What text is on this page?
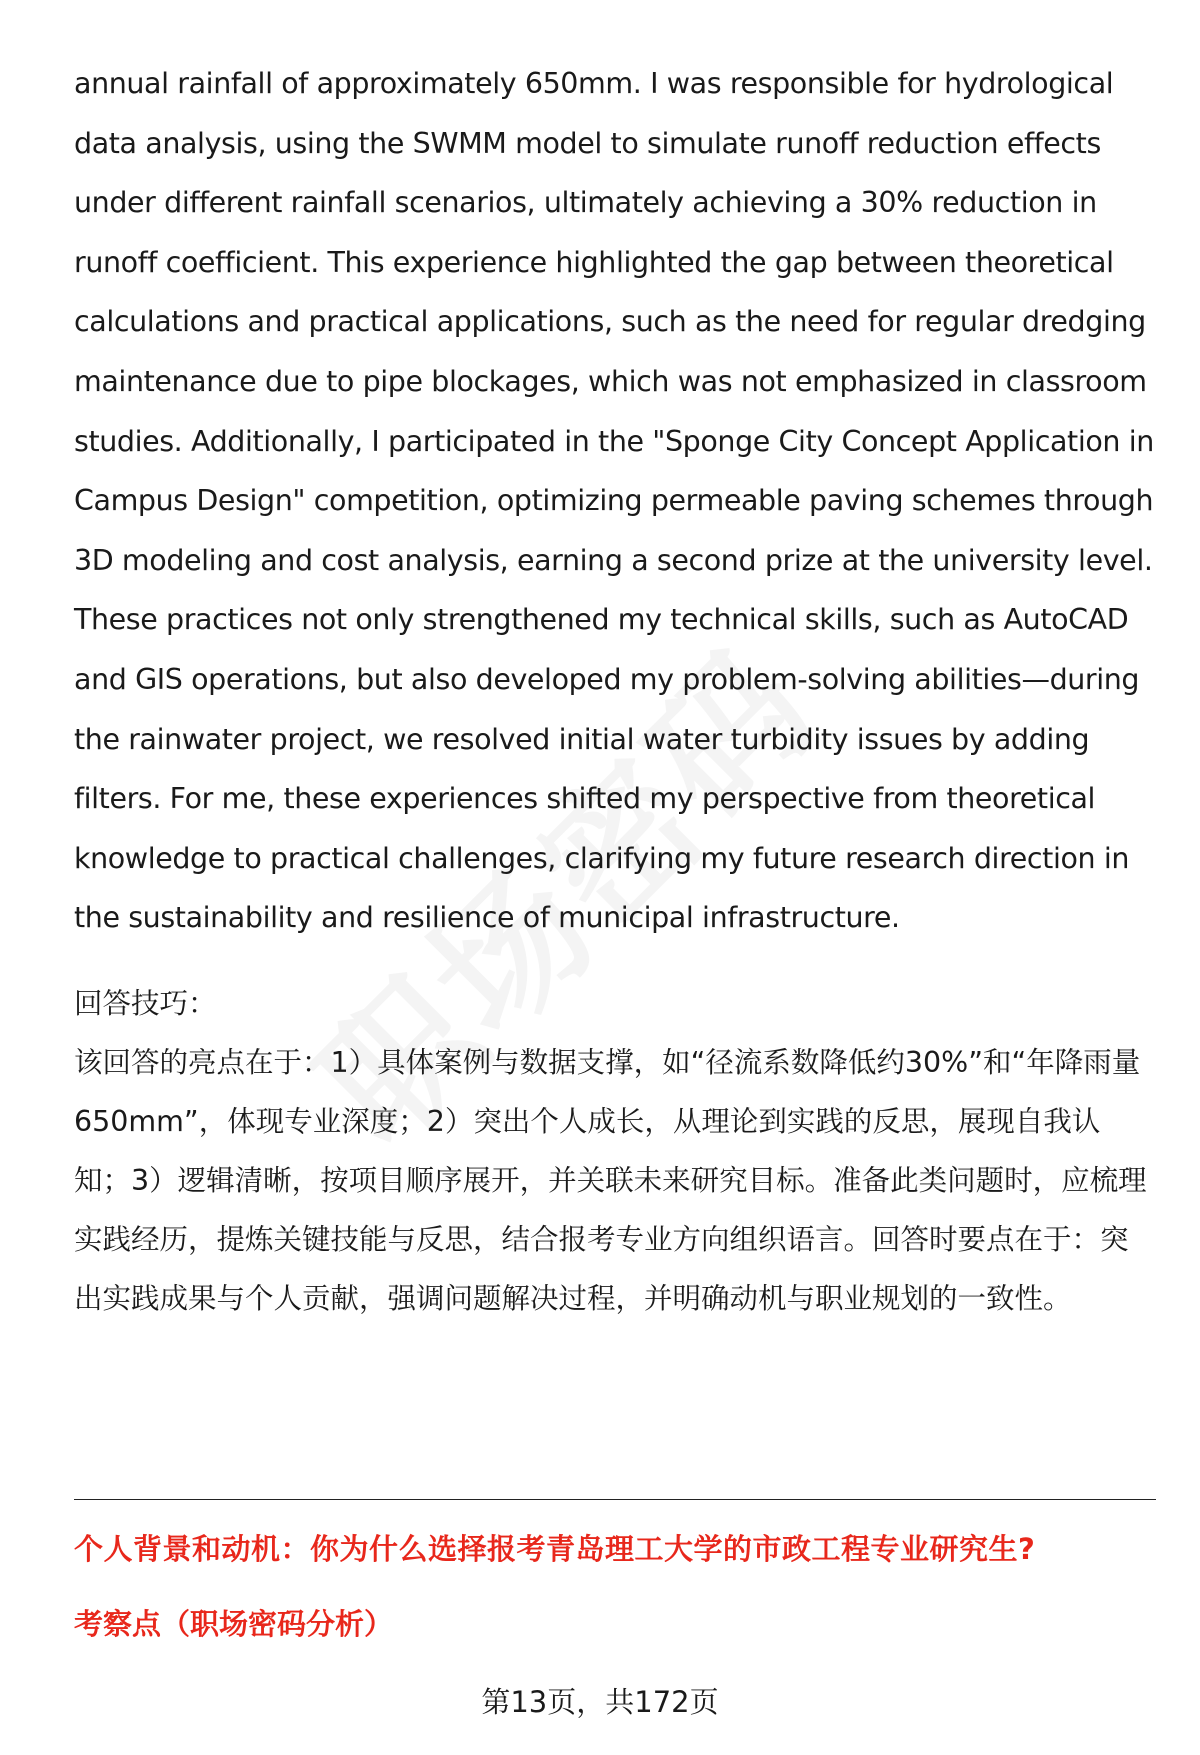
annual rainfall of approximately 650mm. I was responsible for hydrological data analysis, using the SWMM model to simulate runoff reduction effects under different rainfall scenarios, ultimately achieving a 30% reduction in runoff coefficient. This experience highlighted the gap between theoretical calculations and practical applications, such as the need for regular dredging maintenance due to pipe blockages, which was not emphasized in classroom studies. Additionally, I participated in the "Sponge City Concept Application in Campus Design" competition, optimizing permeable paving schemes through 3D modeling and cost analysis, earning a second prize at the university level. These practices not only strengthened my technical skills, such as AutoCAD and GIS operations, but also developed my problem-solving abilities—during the rainwater project, we resolved initial water turbidity issues by adding filters. For me, these experiences shifted my perspective from theoretical knowledge to practical challenges, clarifying my future research direction in the sustainability and resilience of municipal infrastructure.

回答技巧：

该回答的亮点在于：1）具体案例与数据支撑，如“径流系数降低约30%”和“年降雨量650mm”，体现专业深度；2）突出个人成长，从理论到实践的反思，展现自我认知；3）逻辑清晰，按项目顺序展开，并关联未来研究目标。准备此类问题时，应梳理实践经历，提炼关键技能与反思，结合报考专业方向组织语言。回答时要点在于：突出实践成果与个人贡献，强调问题解决过程，并明确动机与职业规划的一致性。

个人背景和动机：你为什么选择报考青岛理工大学的市政工程专业研究生?

考察点（职场密码分析）

第13页，共172页
